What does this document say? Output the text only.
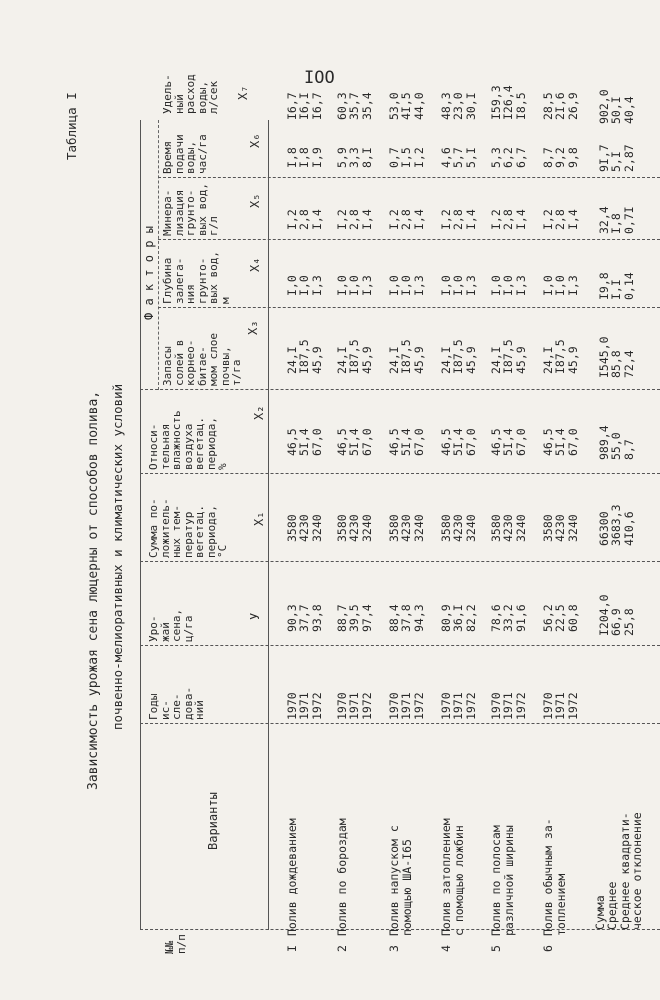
IOO
Таблица I
Зависимость урожая сена люцерны от способов полива, почвенно-мелиоративных и климатических условий
№№
п/п
Варианты
Годы
ис-
сле-
дова-
ний
Уро-
жай
сена,
ц/га	У
Сумма по-
ложитель-
ных тем-
ператур
вегетац.
периода,
°С
X₁
Относи-
тельная
влажность
воздуха
вегетац.
периода,
%
X₂
Запасы
солей в
корнео-
битае-
мом слое
почвы,
т/га
X₃
Глубина
залега-
ния
грунто-
вых вод,
м
X₄
Минера-
лизация
грунто-
вых вод,
г/л
X₅
Время
подачи
воды,
час/га	X₆
Удель-
ный
расход
воды,
л/сек X₇
Ф а к т о р ы
I
Полив дождеванием
1970
1971
1972
90,3
37,7
93,8
3580
4230
3240
46,5
5I,4
67,0
24,I
I87,5
45,9
I,0
I,0
I,3
I,2
2,8
I,4
I,8
I,8
I,9
I6,7
I6,I
I6,7
2
Полив по бороздам
1970
1971
1972
88,7
39,5
97,4
3580
4230
3240
46,5
5I,4
67,0
24,I
I87,5
45,9
I,0
I,0
I,3
I,2
2,8
I,4
5,9
3,3
8,I
60,3
35,7
35,4
3
Полив напуском с помощью ША-I65
1970
1971
1972
88,4
37,8
94,3
3580
4230
3240
46,5
5I,4
67,0
24,I
I87,5
45,9
I,0
I,0
I,3
I,2
2,8
I,4
0,7
I,5
I,2
53,0
4I,5
44,0
4
Полив затоплением с помощью ложбин
1970
1971
1972
80,9
36,I
82,2
3580
4230
3240
46,5
5I,4
67,0
24,I
I87,5
45,9
I,0
I,0
I,3
I,2
2,8
I,4
4,6
5,7
5,I
48,3
23,0
30,I
5
Полив по полосам различной ширины
1970
1971
1972
78,6
33,2
91,6
3580
4230
3240
46,5
5I,4
67,0
24,I
I87,5
45,9
I,0
I,0
I,3
I,2
2,8
I,4
5,3
6,2
6,7
I59,3
I26,4
I8,5
6
Полив обычным за- топлением
1970
1971
1972
56,2
22,5
60,8
3580
4230
3240
46,5
5I,4
67,0
24,I
I87,5
45,9
I,0
I,0
I,3
I,2
2,8
I,4
8,7
9,2
9,8
28,5
2I,6
26,9
Сумма
Среднее
Среднее квадрати-
ческое отклонение
I204,0
66,9
25,8
66300
3683,3
4I0,6
989,4
55,0
8,7
I545,0
85,8
72,4
I9,8
I,I
0,14
32,4
I,8
0,7I
9I,7
5,I
2,87
902,0
50,I
40,4
